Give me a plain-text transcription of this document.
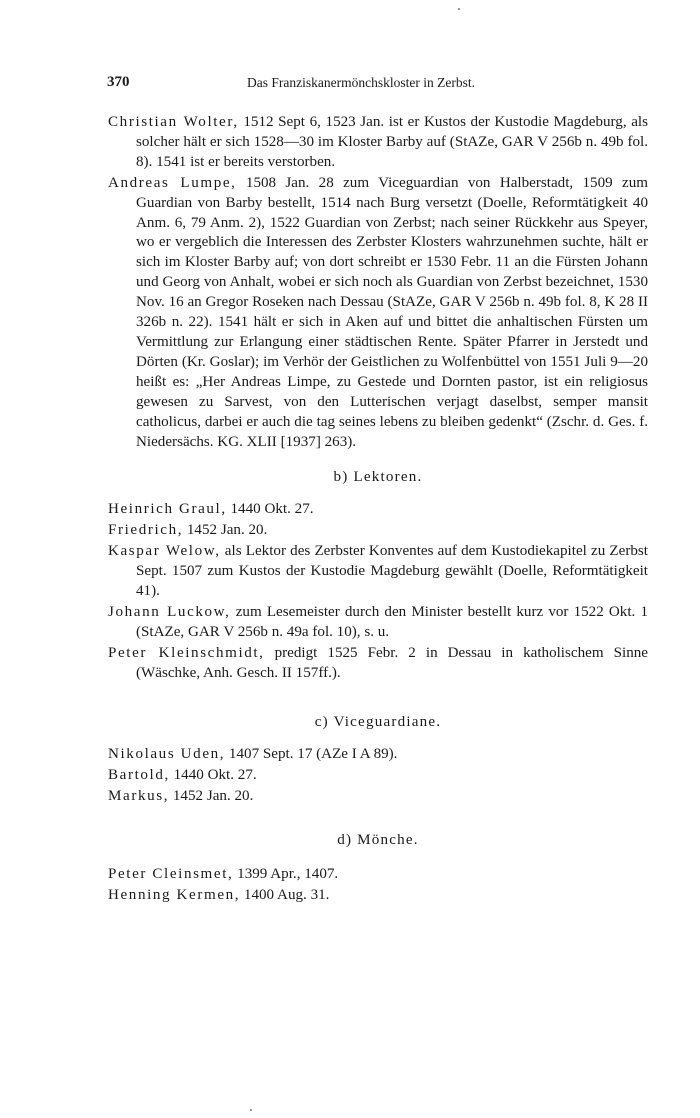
370	Das Franziskanermönchskloster in Zerbst.

Christian Wolter, 1512 Sept 6, 1523 Jan. ist er Kustos der Kustodie Magdeburg, als solcher hält er sich 1528—30 im Kloster Barby auf (StAZe, GAR V 256b n. 49b fol. 8). 1541 ist er bereits verstorben.

Andreas Lumpe, 1508 Jan. 28 zum Viceguardian von Halberstadt, 1509 zum Guardian von Barby bestellt, 1514 nach Burg versetzt (Doelle, Reformtätigkeit 40 Anm. 6, 79 Anm. 2), 1522 Guardian von Zerbst; nach seiner Rückkehr aus Speyer, wo er vergeblich die Interessen des Zerbster Klosters wahrzunehmen suchte, hält er sich im Kloster Barby auf; von dort schreibt er 1530 Febr. 11 an die Fürsten Johann und Georg von Anhalt, wobei er sich noch als Guardian von Zerbst bezeichnet, 1530 Nov. 16 an Gregor Roseken nach Dessau (StAZe, GAR V 256b n. 49b fol. 8, K 28 II 326b n. 22). 1541 hält er sich in Aken auf und bittet die anhaltischen Fürsten um Vermittlung zur Erlangung einer städtischen Rente. Später Pfarrer in Jerstedt und Dörten (Kr. Goslar); im Verhör der Geistlichen zu Wolfenbüttel von 1551 Juli 9—20 heißt es: „Her Andreas Limpe, zu Gestede und Dornten pastor, ist ein religiosus gewesen zu Sarvest, von den Lutterischen verjagt daselbst, semper mansit catholicus, darbei er auch die tag seines lebens zu bleiben gedenkt“ (Zschr. d. Ges. f. Niedersächs. KG. XLII [1937] 263).

b) Lektoren.

Heinrich Graul, 1440 Okt. 27.

Friedrich, 1452 Jan. 20.

Kaspar Welow, als Lektor des Zerbster Konventes auf dem Kustodiekapitel zu Zerbst Sept. 1507 zum Kustos der Kustodie Magdeburg gewählt (Doelle, Reformtätigkeit 41).

Johann Luckow, zum Lesemeister durch den Minister bestellt kurz vor 1522 Okt. 1 (StAZe, GAR V 256b n. 49a fol. 10), s. u.

Peter Kleinschmidt, predigt 1525 Febr. 2 in Dessau in katholischem Sinne (Wäschke, Anh. Gesch. II 157ff.).

c) Viceguardiane.

Nikolaus Uden, 1407 Sept. 17 (AZe I A 89).

Bartold, 1440 Okt. 27.

Markus, 1452 Jan. 20.

d) Mönche.

Peter Cleinsmet, 1399 Apr., 1407.

Henning Kermen, 1400 Aug. 31.
